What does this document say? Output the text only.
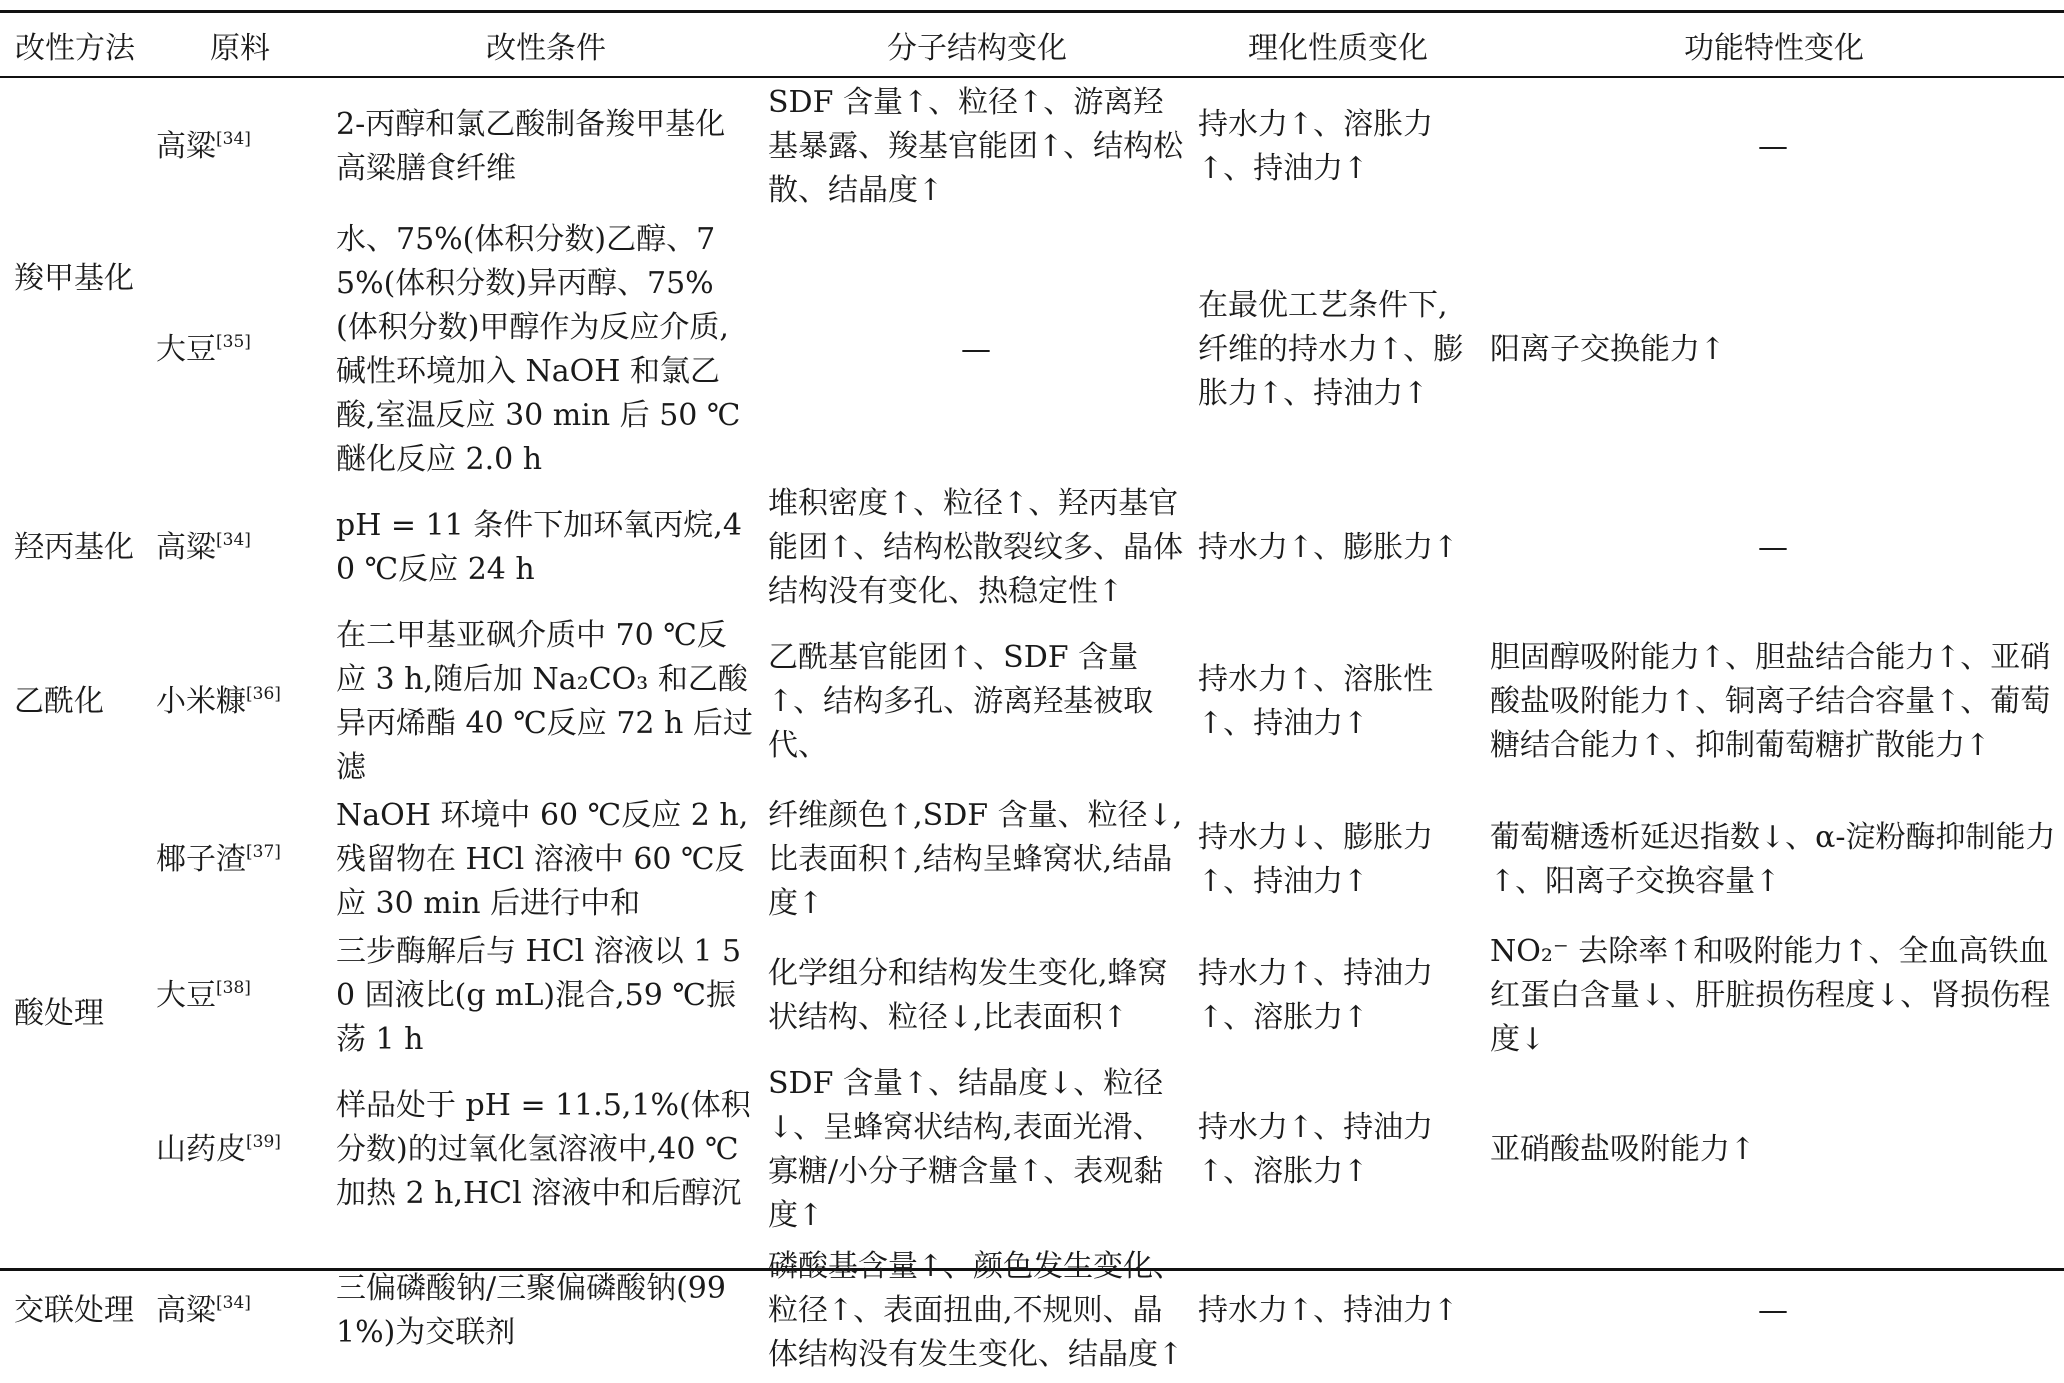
改性方法	原料	改性条件	分子结构变化	理化性质变化	功能特性变化
羧甲基化	高粱[34]	2-丙醇和氯乙酸制备羧甲基化高粱膳食纤维	SDF 含量↑、粒径↑、游离羟基暴露、羧基官能团↑、结构松散、结晶度↑	持水力↑、溶胀力↑、持油力↑	—

	大豆[35]	水、75%(体积分数)乙醇、75%(体积分数)异丙醇、75%(体积分数)甲醇作为反应介质,碱性环境加入 NaOH 和氯乙酸,室温反应 30 min 后 50 ℃醚化反应 2.0 h	—	在最优工艺条件下,纤维的持水力↑、膨胀力↑、持油力↑	阳离子交换能力↑

羟丙基化	高粱[34]	pH = 11 条件下加环氧丙烷,40 ℃反应 24 h	堆积密度↑、粒径↑、羟丙基官能团↑、结构松散裂纹多、晶体结构没有变化、热稳定性↑	持水力↑、膨胀力↑	—

乙酰化	小米糠[36]	在二甲基亚砜介质中 70 ℃反应 3 h,随后加 Na₂CO₃ 和乙酸异丙烯酯 40 ℃反应 72 h 后过滤	乙酰基官能团↑、SDF 含量↑、结构多孔、游离羟基被取代、	持水力↑、溶胀性↑、持油力↑	胆固醇吸附能力↑、胆盐结合能力↑、亚硝酸盐吸附能力↑、铜离子结合容量↑、葡萄糖结合能力↑、抑制葡萄糖扩散能力↑

酸处理	椰子渣[37]	NaOH 环境中 60 ℃反应 2 h,残留物在 HCl 溶液中 60 ℃反应 30 min 后进行中和	纤维颜色↑,SDF 含量、粒径↓,比表面积↑,结构呈蜂窝状,结晶度↑	持水力↓、膨胀力↑、持油力↑	葡萄糖透析延迟指数↓、α-淀粉酶抑制能力↑、阳离子交换容量↑

	大豆[38]	三步酶解后与 HCl 溶液以 1 50 固液比(g mL)混合,59 ℃振荡 1 h	化学组分和结构发生变化,蜂窝状结构、粒径↓,比表面积↑	持水力↑、持油力↑、溶胀力↑	NO₂⁻ 去除率↑和吸附能力↑、全血高铁血红蛋白含量↓、肝脏损伤程度↓、肾损伤程度↓

	山药皮[39]	样品处于 pH = 11.5,1%(体积分数)的过氧化氢溶液中,40 ℃加热 2 h,HCl 溶液中和后醇沉	SDF 含量↑、结晶度↓、粒径↓、呈蜂窝状结构,表面光滑、寡糖/小分子糖含量↑、表观黏度↑	持水力↑、持油力↑、溶胀力↑	亚硝酸盐吸附能力↑

交联处理	高粱[34]	三偏磷酸钠/三聚偏磷酸钠(99 1%)为交联剂	磷酸基含量↑、颜色发生变化、粒径↑、表面扭曲,不规则、晶体结构没有发生变化、结晶度↑	持水力↑、持油力↑	—
